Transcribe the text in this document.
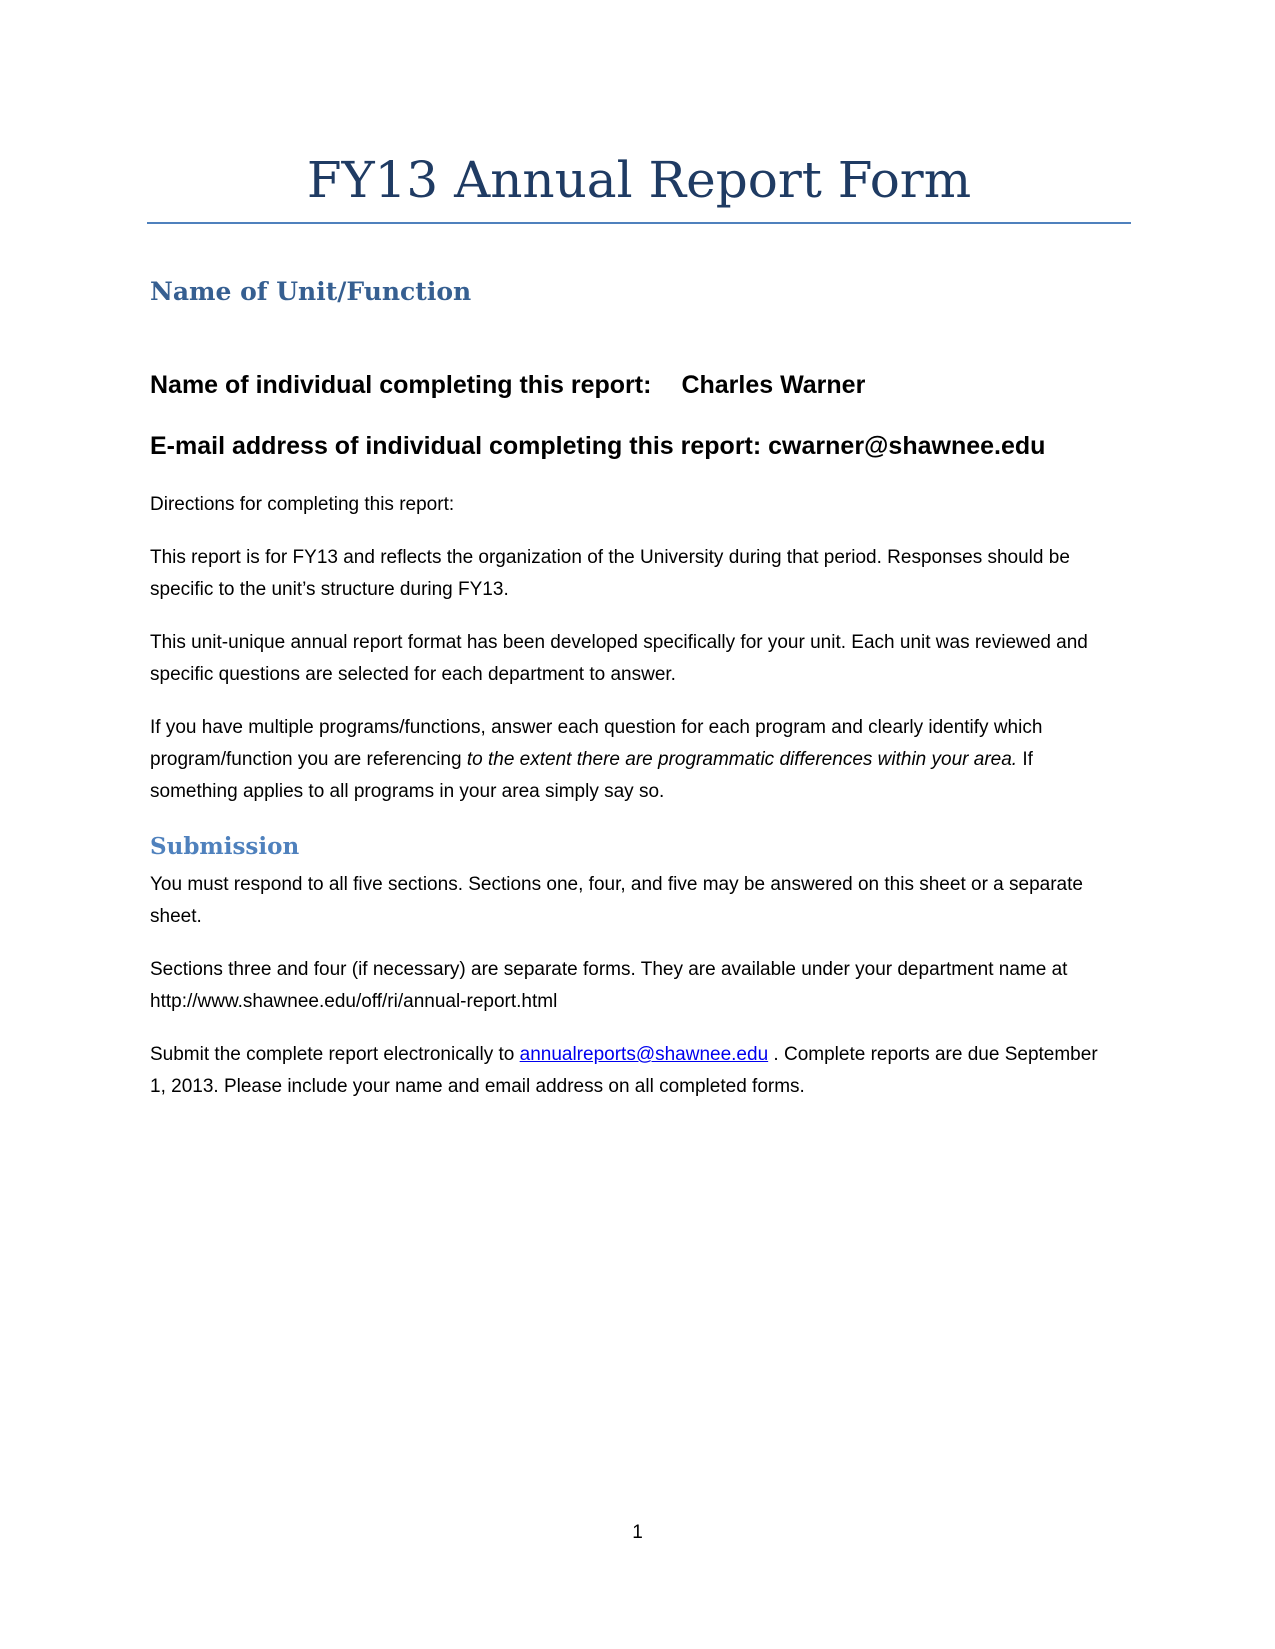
FY13 Annual Report Form
Name of Unit/Function
Name of individual completing this report: Charles Warner
E-mail address of individual completing this report: cwarner@shawnee.edu

Directions for completing this report:

This report is for FY13 and reflects the organization of the University during that period. Responses should be specific to the unit’s structure during FY13.

This unit-unique annual report format has been developed specifically for your unit. Each unit was reviewed and specific questions are selected for each department to answer.

If you have multiple programs/functions, answer each question for each program and clearly identify which program/function you are referencing to the extent there are programmatic differences within your area. If something applies to all programs in your area simply say so.

Submission

You must respond to all five sections. Sections one, four, and five may be answered on this sheet or a separate sheet.

Sections three and four (if necessary) are separate forms. They are available under your department name at http://www.shawnee.edu/off/ri/annual-report.html

Submit the complete report electronically to annualreports@shawnee.edu . Complete reports are due September 1, 2013. Please include your name and email address on all completed forms.

1
